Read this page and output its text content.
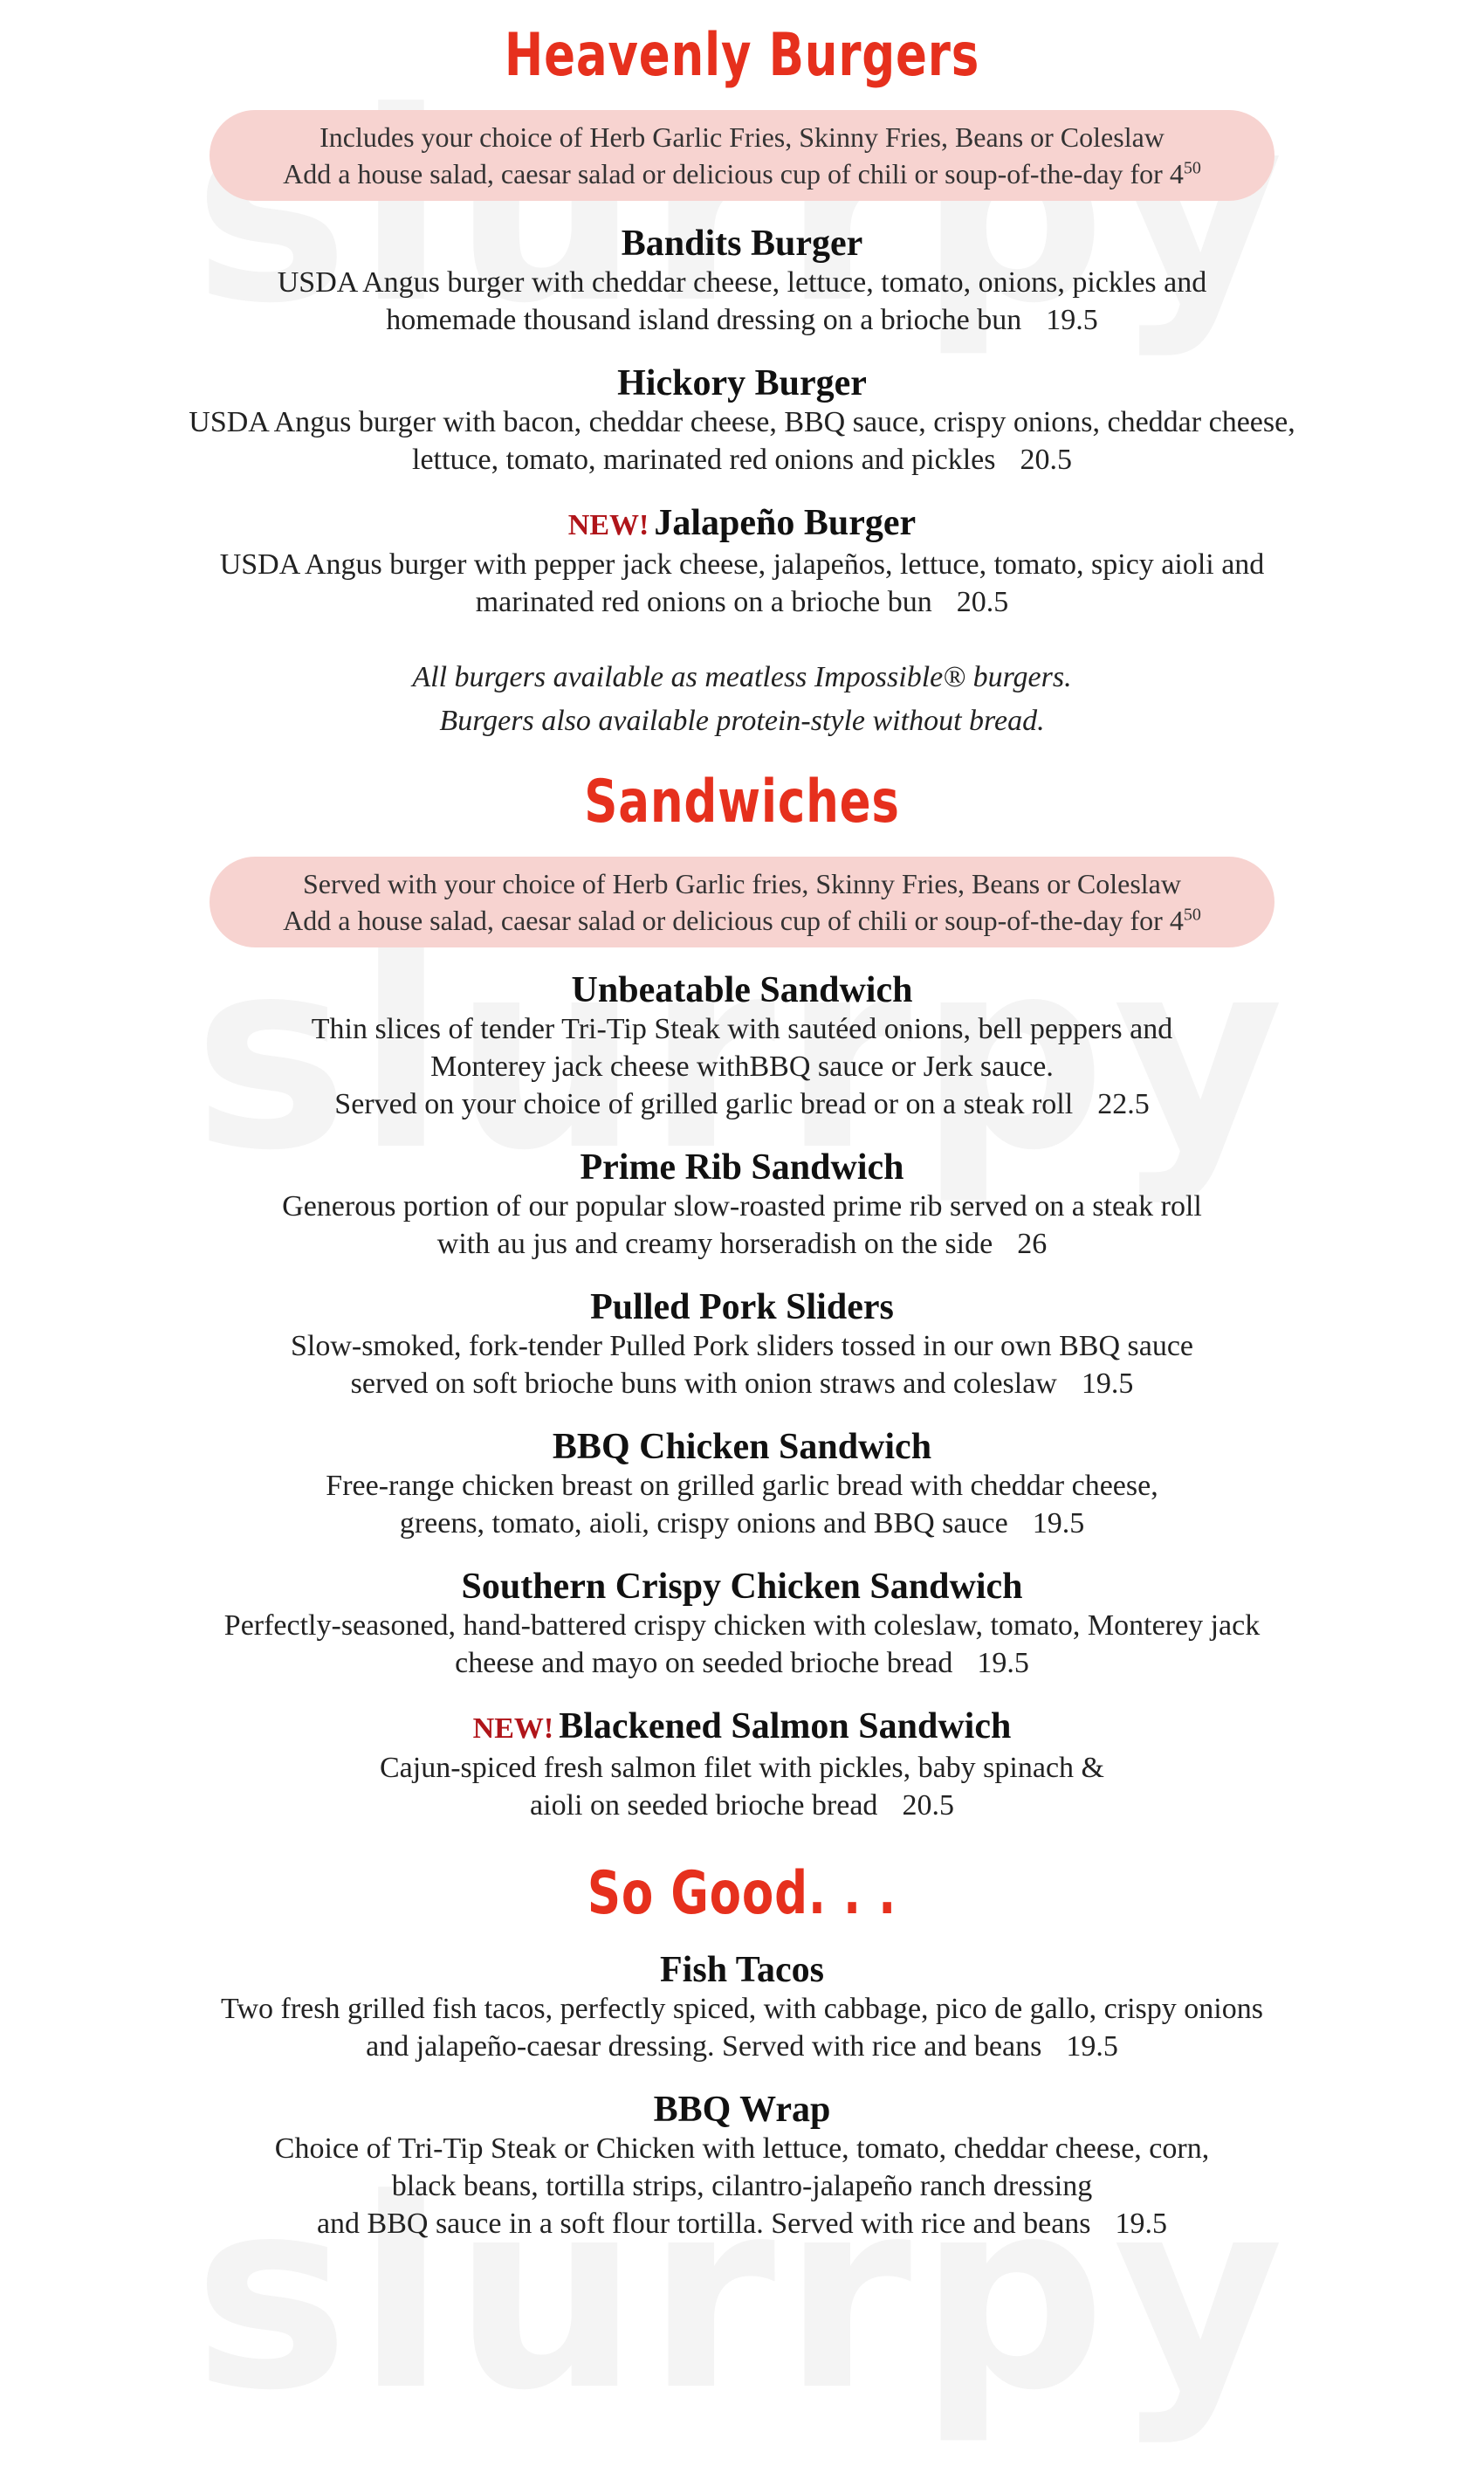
Heavenly Burgers

Includes your choice of Herb Garlic Fries, Skinny Fries, Beans or Coleslaw

Add a house salad, caesar salad or delicious cup of chili or soup-of-the-day for $4^{50}$

Bandits Burger

USDA Angus burger with cheddar cheese, lettuce, tomato, onions, pickles and

homemade thousand island dressing on a brioche bun 19.5

Hickory Burger

USDA Angus burger with bacon, cheddar cheese, BBQ sauce, crispy onions, cheddar cheese,

lettuce, tomato, marinated red onions and pickles 20.5

NEW! Jalapeño Burger

USDA Angus burger with pepper jack cheese, jalapeños, lettuce, tomato, spicy aioli and

marinated red onions on a brioche bun 20.5

All burgers available as meatless Impossible® burgers.

Burgers also available protein-style without bread.

Sandwiches

Served with your choice of Herb Garlic fries, Skinny Fries, Beans or Coleslaw

Add a house salad, caesar salad or delicious cup of chili or soup-of-the-day for $4^{50}$

Unbeatable Sandwich

Thin slices of tender Tri-Tip Steak with sautéed onions, bell peppers and

Monterey jack cheese withBBQ sauce or Jerk sauce.

Served on your choice of grilled garlic bread or on a steak roll 22.5

Prime Rib Sandwich

Generous portion of our popular slow-roasted prime rib served on a steak roll

with au jus and creamy horseradish on the side 26

Pulled Pork Sliders

Slow-smoked, fork-tender Pulled Pork sliders tossed in our own BBQ sauce

served on soft brioche buns with onion straws and coleslaw 19.5

BBQ Chicken Sandwich

Free-range chicken breast on grilled garlic bread with cheddar cheese,

greens, tomato, aioli, crispy onions and BBQ sauce 19.5

Southern Crispy Chicken Sandwich

Perfectly-seasoned, hand-battered crispy chicken with coleslaw, tomato, Monterey jack

cheese and mayo on seeded brioche bread 19.5

NEW! Blackened Salmon Sandwich

Cajun-spiced fresh salmon filet with pickles, baby spinach &

aioli on seeded brioche bread 20.5

So Good. . .
Fish Tacos

Two fresh grilled fish tacos, perfectly spiced, with cabbage, pico de gallo, crispy onions

and jalapeño-caesar dressing. Served with rice and beans 19.5

BBQ Wrap

Choice of Tri-Tip Steak or Chicken with lettuce, tomato, cheddar cheese, corn,

black beans, tortilla strips, cilantro-jalapeño ranch dressing

and BBQ sauce in a soft flour tortilla. Served with rice and beans 19.5
